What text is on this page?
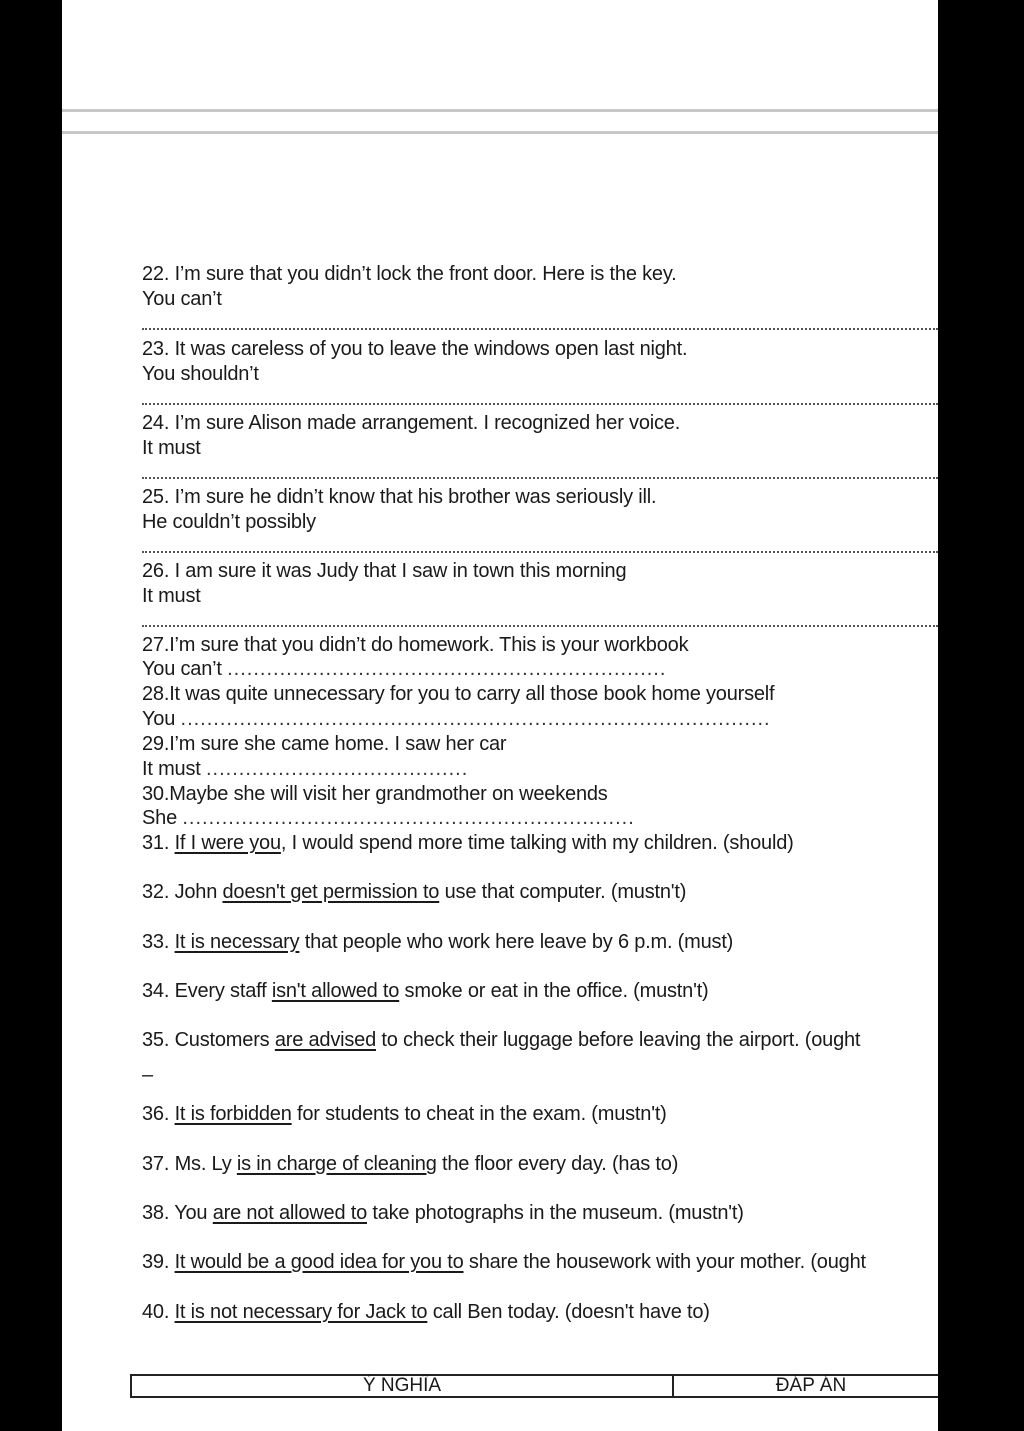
22. I’m sure that you didn’t lock the front door. Here is the key.
You can’t
23. It was careless of you to leave the windows open last night.
You shouldn’t
24. I’m sure Alison made arrangement. I recognized her voice.
It must
25. I’m sure he didn’t know that his brother was seriously ill.
He couldn’t possibly
26. I am sure it was Judy that I saw in town this morning
It must
27.I’m sure that you didn’t do homework. This is your workbook
You can’t ...................................................................
28.It was quite unnecessary for you to carry all those book home yourself
You ..........................................................................................
29.I’m sure she came home. I saw her car
It must ........................................
30.Maybe she will visit her grandmother on weekends
She .....................................................................
31. If I were you, I would spend more time talking with my children. (should)
32. John doesn't get permission to use that computer. (mustn't)
33. It is necessary that people who work here leave by 6 p.m. (must)
34. Every staff isn't allowed to smoke or eat in the office. (mustn't)
35. Customers are advised to check their luggage before leaving the airport. (ought
–
36. It is forbidden for students to cheat in the exam. (mustn't)
37. Ms. Ly is in charge of cleaning the floor every day. (has to)
38. You are not allowed to take photographs in the museum. (mustn't)
39. It would be a good idea for you to share the housework with your mother. (ought
40. It is not necessary for Jack to call Ben today. (doesn't have to)
Ý NGHĨA	ĐÁP ÁN
